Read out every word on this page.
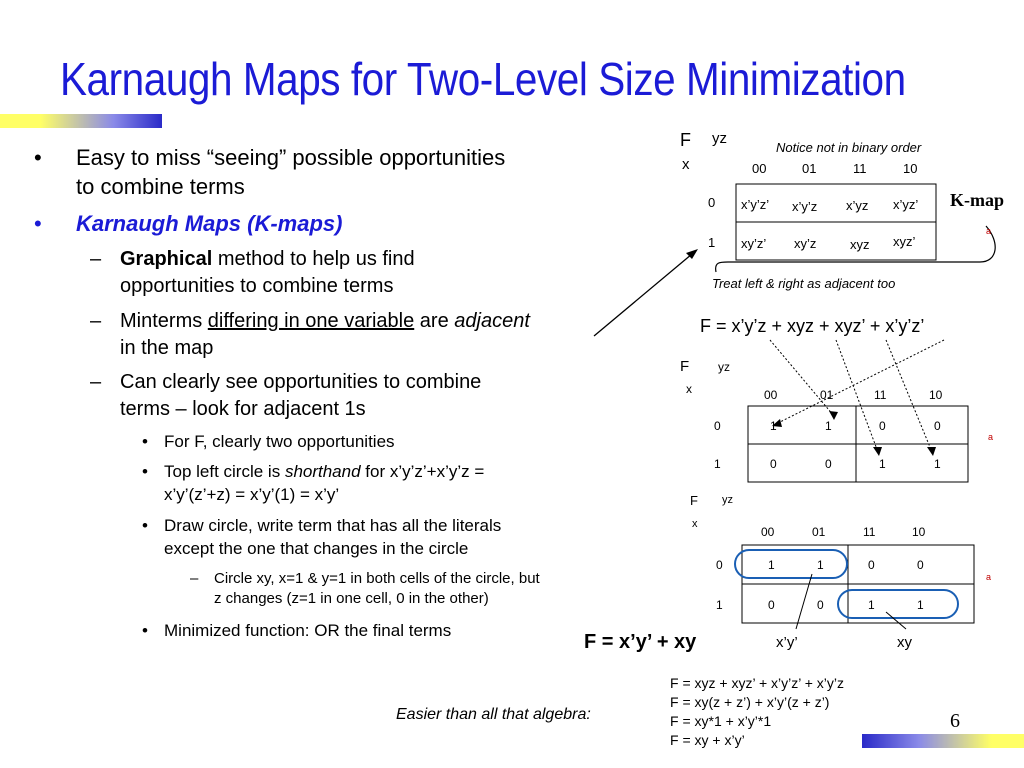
Karnaugh Maps for Two-Level Size Minimization
6
• Easy to miss “seeing” possible opportunities
to combine terms
• Karnaugh Maps (K-maps)
– Graphical method to help us find
opportunities to combine terms
– Minterms differing in one variable are adjacent
in the map
– Can clearly see opportunities to combine
terms – look for adjacent 1s
• For F, clearly two opportunities
• Top left circle is shorthand for x’y’z’+x’y’z =
x’y’(z’+z) = x’y’(1) = x’y’
• Draw circle, write term that has all the literals
except the one that changes in the circle
– Circle xy, x=1 & y=1 in both cells of the circle, but
z changes (z=1 in one cell, 0 in the other)
• Minimized function: OR the final terms
F yz
x
Notice not in binary order
00	01	11	10
0
1
x’y’z’ x’y’z x’yz x’yz’
xy’z’ xy’z	xyz xyz’
K-map
a
Treat left & right as adjacent too
F = x’y’z + xyz + xyz’ + x’y’z’
F yz
x	00	01	11	10
0
1
1	1	0	0
0	0	1	1
a
F yz
x
00	01	11	10
0
1
1	1	0	0
0	0	1	1
x’y’	xy
a
F = x’y’ + xy
Easier than all that algebra:
F = xyz + xyz’ + x’y’z’ + x’y’z
F = xy(z + z’) + x’y’(z + z’)
F = xy*1 + x’y’*1
F = xy + x’y’
